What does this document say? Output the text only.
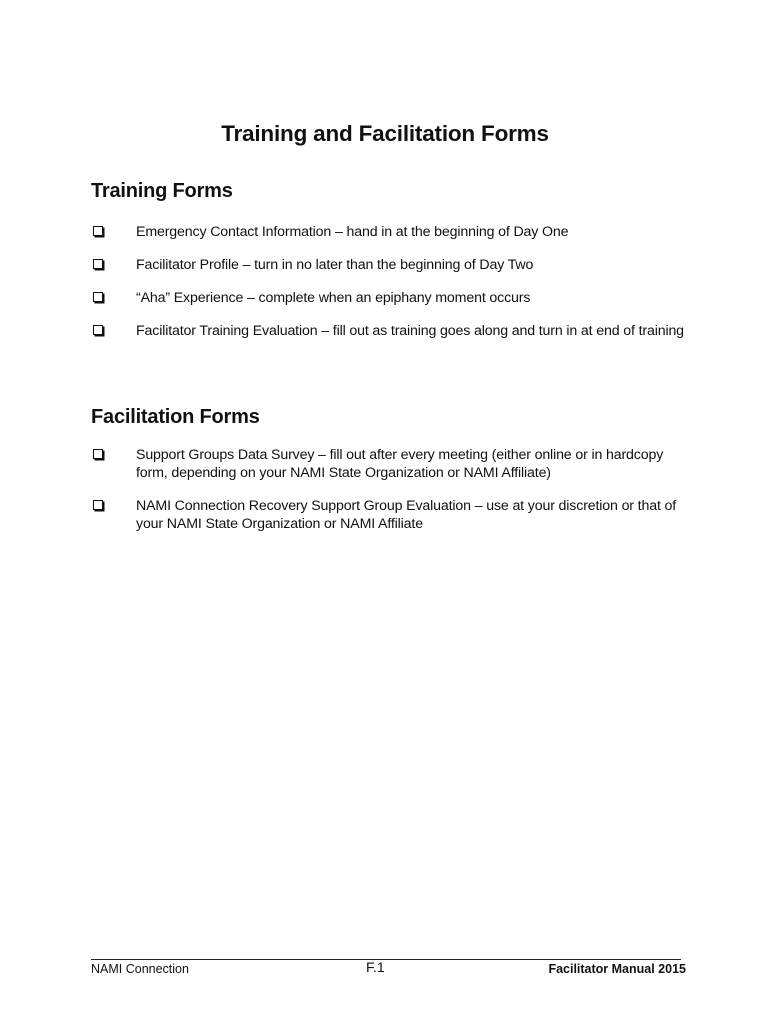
Training and Facilitation Forms
Training Forms
Emergency Contact Information – hand in at the beginning of Day One
Facilitator Profile – turn in no later than the beginning of Day Two
“Aha” Experience – complete when an epiphany moment occurs
Facilitator Training Evaluation – fill out as training goes along and turn in at end of training
Facilitation Forms
Support Groups Data Survey – fill out after every meeting (either online or in hardcopy form, depending on your NAMI State Organization or NAMI Affiliate)
NAMI Connection Recovery Support Group Evaluation – use at your discretion or that of your NAMI State Organization or NAMI Affiliate
NAMI Connection	F.1	Facilitator Manual 2015
